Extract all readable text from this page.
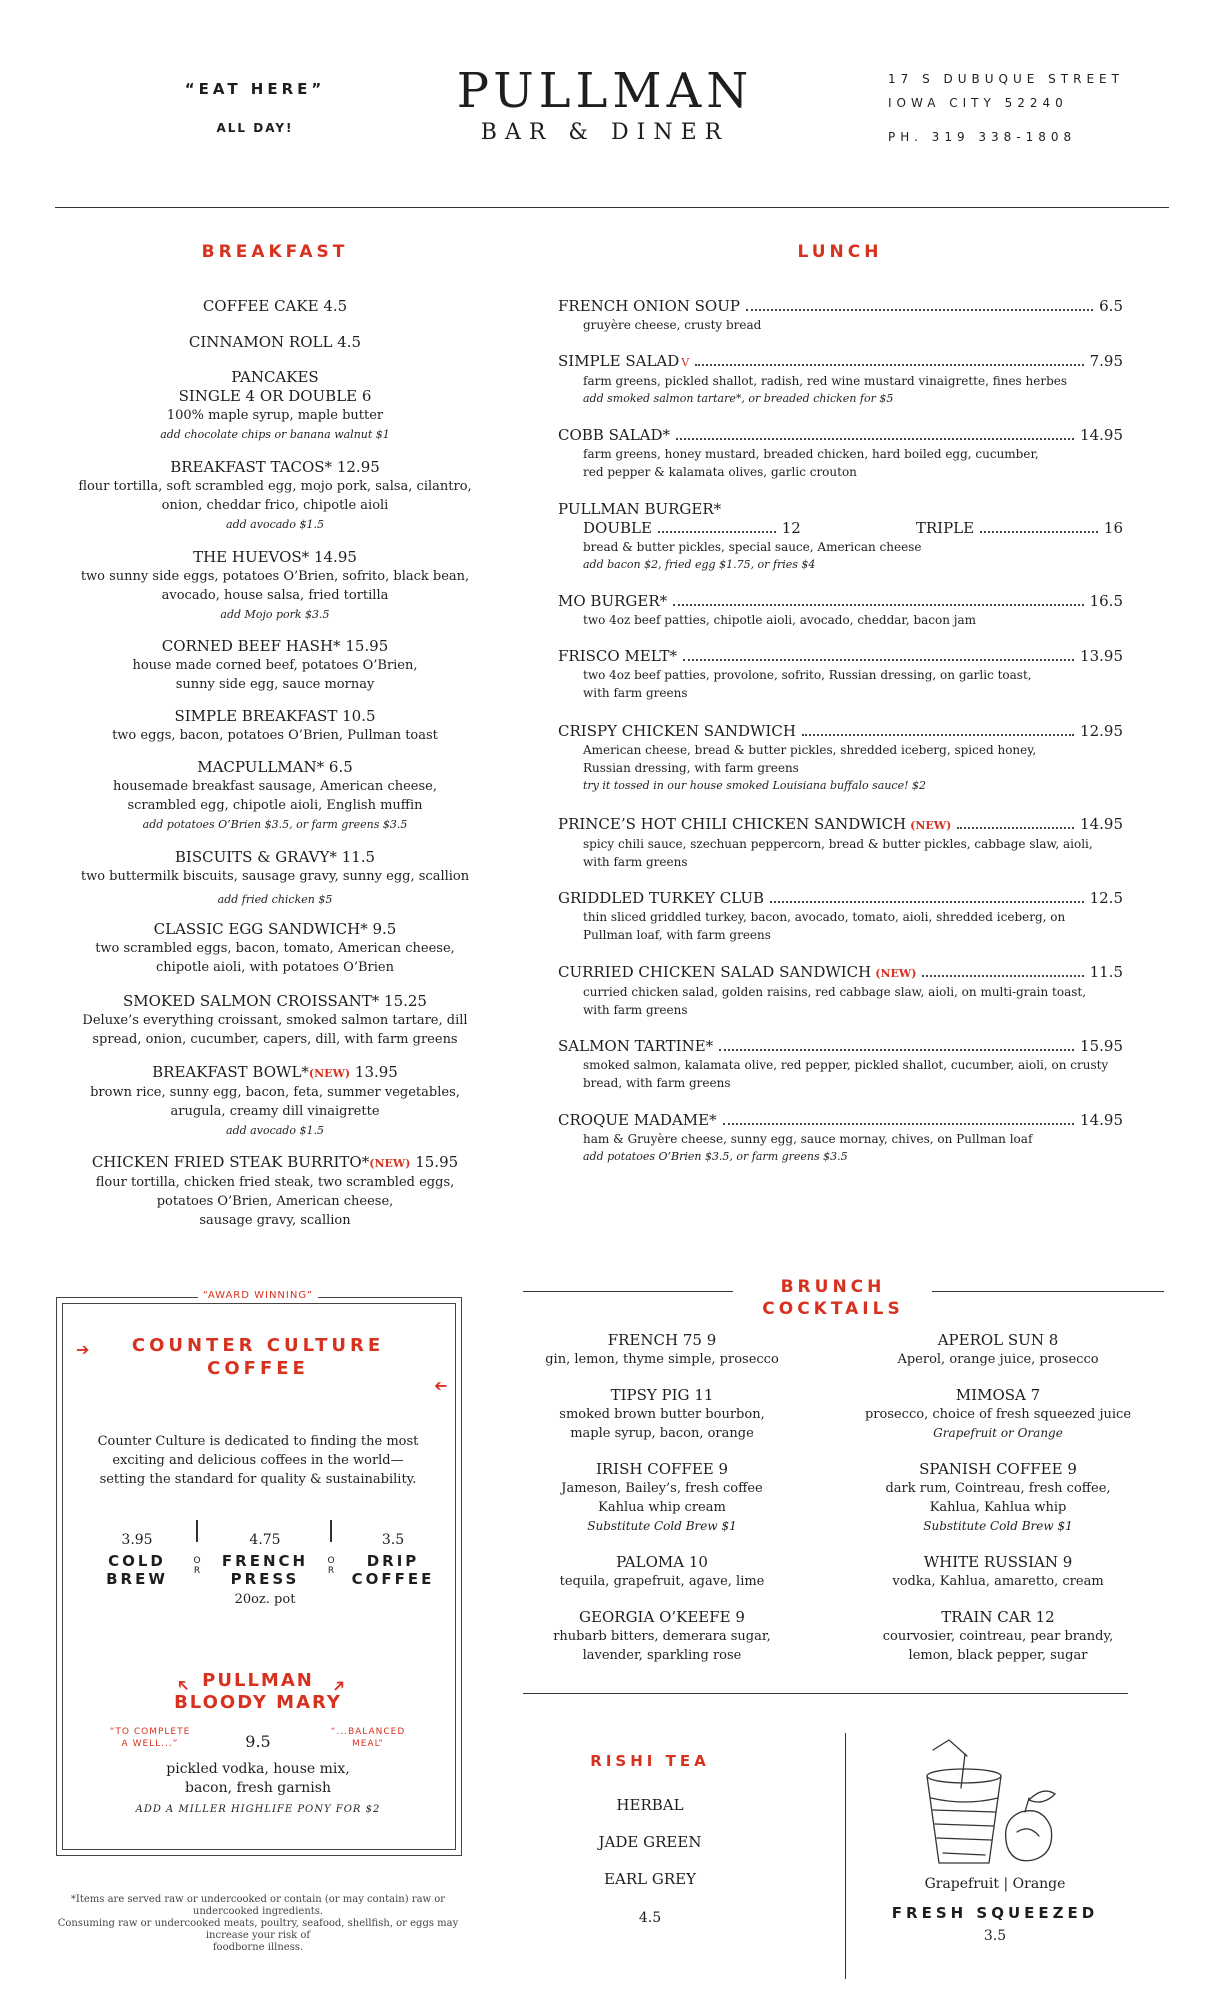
“EAT HERE”
ALL DAY!
PULLMAN
BAR & DINER
17 S DUBUQUE STREET
IOWA CITY 52240
PH. 319 338-1808
BREAKFAST
COFFEE CAKE 4.5
CINNAMON ROLL 4.5
PANCAKES
SINGLE 4 OR DOUBLE 6
100% maple syrup, maple butter
add chocolate chips or banana walnut $1
BREAKFAST TACOS* 12.95
flour tortilla, soft scrambled egg, mojo pork, salsa, cilantro,
onion, cheddar frico, chipotle aioli
add avocado $1.5
THE HUEVOS* 14.95
two sunny side eggs, potatoes O’Brien, sofrito, black bean,
avocado, house salsa, fried tortilla
add Mojo pork $3.5
CORNED BEEF HASH* 15.95
house made corned beef, potatoes O’Brien,
sunny side egg, sauce mornay
SIMPLE BREAKFAST 10.5
two eggs, bacon, potatoes O’Brien, Pullman toast
MACPULLMAN* 6.5
housemade breakfast sausage, American cheese,
scrambled egg, chipotle aioli, English muffin
add potatoes O’Brien $3.5, or farm greens $3.5
BISCUITS & GRAVY* 11.5
two buttermilk biscuits, sausage gravy, sunny egg, scallion
add fried chicken $5
CLASSIC EGG SANDWICH* 9.5
two scrambled eggs, bacon, tomato, American cheese,
chipotle aioli, with potatoes O’Brien
SMOKED SALMON CROISSANT* 15.25
Deluxe’s everything croissant, smoked salmon tartare, dill
spread, onion, cucumber, capers, dill, with farm greens
BREAKFAST BOWL*(NEW) 13.95
brown rice, sunny egg, bacon, feta, summer vegetables,
arugula, creamy dill vinaigrette
add avocado $1.5
CHICKEN FRIED STEAK BURRITO*(NEW) 15.95
flour tortilla, chicken fried steak, two scrambled eggs,
potatoes O’Brien, American cheese,
sausage gravy, scallion
LUNCH
FRENCH ONION SOUP	6.5
gruyère cheese, crusty bread
SIMPLE SALAD V	7.95
farm greens, pickled shallot, radish, red wine mustard vinaigrette, fines herbes
add smoked salmon tartare*, or breaded chicken for $5
COBB SALAD*	14.95
farm greens, honey mustard, breaded chicken, hard boiled egg, cucumber,
red pepper & kalamata olives, garlic crouton
PULLMAN BURGER*
DOUBLE	12	TRIPLE	16
bread & butter pickles, special sauce, American cheese
add bacon $2, fried egg $1.75, or fries $4
MO BURGER*	16.5
two 4oz beef patties, chipotle aioli, avocado, cheddar, bacon jam
FRISCO MELT*	13.95
two 4oz beef patties, provolone, sofrito, Russian dressing, on garlic toast,
with farm greens
CRISPY CHICKEN SANDWICH	12.95
American cheese, bread & butter pickles, shredded iceberg, spiced honey,
Russian dressing, with farm greens
try it tossed in our house smoked Louisiana buffalo sauce! $2
PRINCE’S HOT CHILI CHICKEN SANDWICH (NEW)	14.95
spicy chili sauce, szechuan peppercorn, bread & butter pickles, cabbage slaw, aioli,
with farm greens
GRIDDLED TURKEY CLUB	12.5
thin sliced griddled turkey, bacon, avocado, tomato, aioli, shredded iceberg, on
Pullman loaf, with farm greens
CURRIED CHICKEN SALAD SANDWICH (NEW)	11.5
curried chicken salad, golden raisins, red cabbage slaw, aioli, on multi-grain toast,
with farm greens
SALMON TARTINE*	15.95
smoked salmon, kalamata olive, red pepper, pickled shallot, cucumber, aioli, on crusty
bread, with farm greens
CROQUE MADAME*	14.95
ham & Gruyère cheese, sunny egg, sauce mornay, chives, on Pullman loaf
add potatoes O’Brien $3.5, or farm greens $3.5
“AWARD WINNING”
➔
➔
COUNTER CULTURE
COFFEE
Counter Culture is dedicated to finding the most
exciting and delicious coffees in the world—
setting the standard for quality & sustainability.
3.95
COLD
BREW
O
R
4.75
FRENCH
PRESS
20oz. pot
O
R
3.5
DRIP
COFFEE
➔	➔
PULLMAN
BLOODY MARY
“TO COMPLETE
A WELL...”
“...BALANCED
MEAL”
9.5
pickled vodka, house mix,
bacon, fresh garnish
ADD A MILLER HIGHLIFE PONY FOR $2
*Items are served raw or undercooked or contain (or may contain) raw or undercooked ingredients.
Consuming raw or undercooked meats, poultry, seafood, shellfish, or eggs may increase your risk of
foodborne illness.
BRUNCH
COCKTAILS
FRENCH 75 9
gin, lemon, thyme simple, prosecco
TIPSY PIG 11
smoked brown butter bourbon,
maple syrup, bacon, orange
IRISH COFFEE 9
Jameson, Bailey’s, fresh coffee
Kahlua whip cream
Substitute Cold Brew $1
PALOMA 10
tequila, grapefruit, agave, lime
GEORGIA O’KEEFE 9
rhubarb bitters, demerara sugar,
lavender, sparkling rose
APEROL SUN 8
Aperol, orange juice, prosecco
MIMOSA 7
prosecco, choice of fresh squeezed juice
Grapefruit or Orange
SPANISH COFFEE 9
dark rum, Cointreau, fresh coffee,
Kahlua, Kahlua whip
Substitute Cold Brew $1
WHITE RUSSIAN 9
vodka, Kahlua, amaretto, cream
TRAIN CAR 12
courvosier, cointreau, pear brandy,
lemon, black pepper, sugar
RISHI TEA
HERBAL
JADE GREEN
EARL GREY
4.5
Grapefruit | Orange
FRESH SQUEEZED
3.5
